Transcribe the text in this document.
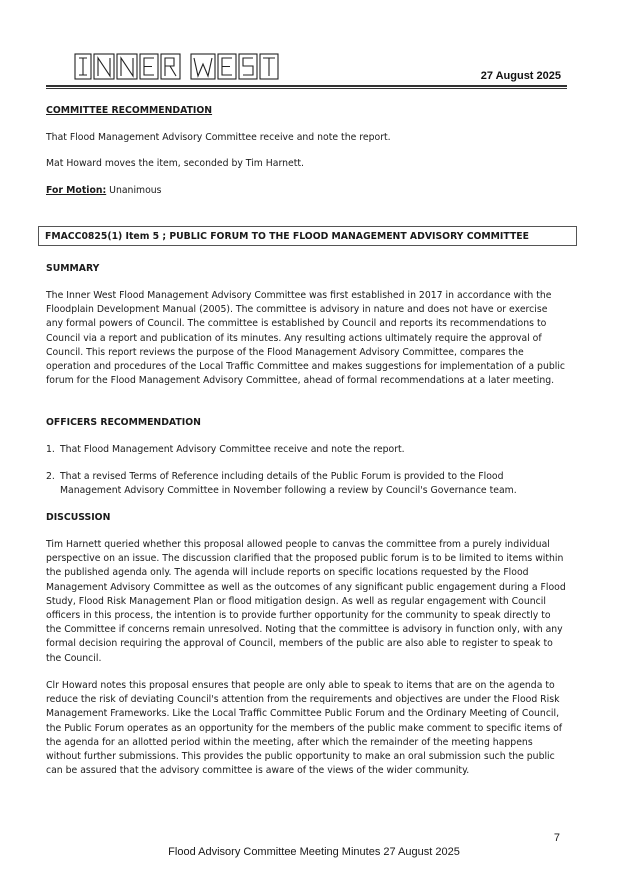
27 August 2025
COMMITTEE RECOMMENDATION

That Flood Management Advisory Committee receive and note the report.

Mat Howard moves the item, seconded by Tim Harnett.

For Motion: Unanimous

SUMMARY

The Inner West Flood Management Advisory Committee was first established in 2017 in accordance with the Floodplain Development Manual (2005). The committee is advisory in nature and does not have or exercise any formal powers of Council. The committee is established by Council and reports its recommendations to Council via a report and publication of its minutes. Any resulting actions ultimately require the approval of Council. This report reviews the purpose of the Flood Management Advisory Committee, compares the operation and procedures of the Local Traffic Committee and makes suggestions for implementation of a public forum for the Flood Management Advisory Committee, ahead of formal recommendations at a later meeting.

OFFICERS RECOMMENDATION
1. That Flood Management Advisory Committee receive and note the report.
2. That a revised Terms of Reference including details of the Public Forum is provided to the Flood Management Advisory Committee in November following a review by Council's Governance team.
DISCUSSION

Tim Harnett queried whether this proposal allowed people to canvas the committee from a purely individual perspective on an issue. The discussion clarified that the proposed public forum is to be limited to items within the published agenda only. The agenda will include reports on specific locations requested by the Flood Management Advisory Committee as well as the outcomes of any significant public engagement during a Flood Study, Flood Risk Management Plan or flood mitigation design. As well as regular engagement with Council officers in this process, the intention is to provide further opportunity for the community to speak directly to the Committee if concerns remain unresolved. Noting that the committee is advisory in function only, with any formal decision requiring the approval of Council, members of the public are also able to register to speak to the Council.

Clr Howard notes this proposal ensures that people are only able to speak to items that are on the agenda to reduce the risk of deviating Council's attention from the requirements and objectives are under the Flood Risk Management Frameworks. Like the Local Traffic Committee Public Forum and the Ordinary Meeting of Council, the Public Forum operates as an opportunity for the members of the public make comment to specific items of the agenda for an allotted period within the meeting, after which the remainder of the meeting happens without further submissions. This provides the public opportunity to make an oral submission such the public can be assured that the advisory committee is aware of the views of the wider community.

FMACC0825(1) Item 5 ; PUBLIC FORUM TO THE FLOOD MANAGEMENT ADVISORY COMMITTEE
7
Flood Advisory Committee Meeting Minutes 27 August 2025
